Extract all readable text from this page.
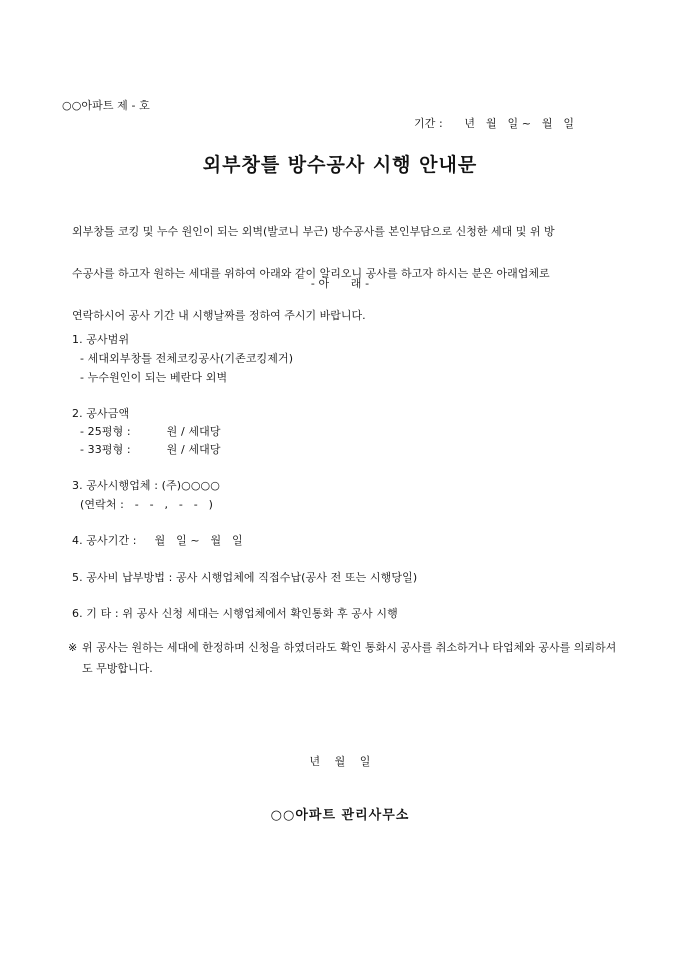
○○아파트 제 - 호
기간 :      년   월   일 ~   월   일
외부창틀 방수공사 시행 안내문

외부창틀 코킹 및 누수 원인이 되는 외벽(발코니 부근) 방수공사를 본인부담으로 신청한 세대 및 위 방

수공사를 하고자 원하는 세대를 위하여 아래와 같이 알리오니 공사를 하고자 하시는 분은 아래업체로

연락하시어 공사 기간 내 시행날짜를 정하여 주시기 바랍니다.

- 아      래 -
1. 공사범위
- 세대외부창틀 전체코킹공사(기존코킹제거)
- 누수원인이 되는 베란다 외벽
2. 공사금액
- 25평형 :          원 / 세대당
- 33평형 :          원 / 세대당
3. 공사시행업체 : (주)○○○○
(연락처 :   -   -   ,   -   -   )
4. 공사기간 :     월   일 ~   월   일
5. 공사비 납부방법 : 공사 시행업체에 직접수납(공사 전 또는 시행당일)
6. 기 타 : 위 공사 신청 세대는 시행업체에서 확인통화 후 공사 시행
※ 위 공사는 원하는 세대에 한정하며 신청을 하였더라도 확인 통화시 공사를 취소하거나 타업체와 공사를 의뢰하셔도 무방합니다.
년    월    일
○○아파트 관리사무소
